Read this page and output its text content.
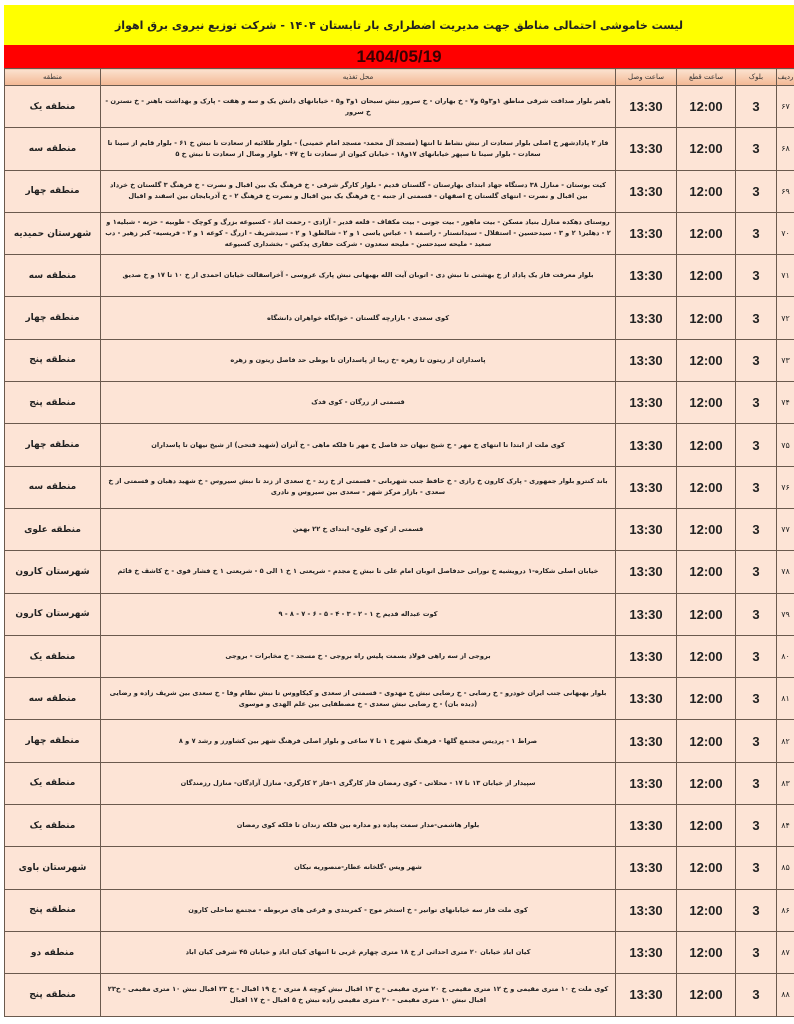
لیست خاموشی احتمالی مناطق جهت مدیریت اضطراری بار تابستان ۱۴۰۴ - شرکت توزیع نیروی برق اهواز
1404/05/19
ردیف	بلوک	ساعت قطع	ساعت وصل	محل تغذیه	منطقه
۶۷	3	12:00	13:30	باهنر بلوار صداقت شرقی مناطق ۱و۳و۵ و۷ - خ بهاران - خ سرور نبش سبحان ۱و۳ و۵ - خیابانهای دانش یک و سه و هفت - پارک و بهداشت باهنر - خ نسترن - خ سرور	منطقه یک
۶۸	3	12:00	13:30	فاز ۲ پادادشهر خ اصلی بلوار سعادت از نبش نشاط تا انتها (مسجد آل محمد- مسجد امام خمینی) - بلوار طلائیه از سعادت تا نبش خ ۶۱ - بلوار قایم از سینا تا سعادت - بلوار سینا تا سپهر خیابانهای ۱۷و۱۸ - خیابان کیوان از سعادت تا خ ۴۷ - بلوار وصال از سعادت تا نبش خ ۵	منطقه سه
۶۹	3	12:00	13:30	کیت بوستان - منازل ۳۸ دستگاه جهاد ابتدای بهارستان - گلستان قدیم - بلوار کارگر شرقی - خ فرهنگ یک بین اقبال و نصرت - خ فرهنگ ۳ گلستان خ خرداد بین اقبال و نصرت - انتهای گلستان خ اصفهان - قسمتی از جنبه - خ فرهنگ یک بین اقبال و نصرت خ فرهنگ ۲ - خ آذربایجان بین اسفند و اقبال	منطقه چهار
۷۰	3	12:00	13:30	روستای دهکده منازل بنیاد مسکن - بیت ماهور - بیت جونی - بیت مکفاف - قلعه قدیر - آزادی - رحمت اباد - کسیوعه بزرگ و کوچک - طوبیه - حزبه - شبلیه۱ و ۲ - دهلیز۱ ۲ و ۳ - سیدحسین - استقلال - سیدانستار - راسمه ۱ - عباس یاسی ۱ و ۲ - شالطق۱ و ۲ - سیدشریف - ازرگ - کوعه ۱ و ۲ - فریسیه- کبر زهیر - دب سعید - ملیحه سیدحسن - ملیحه سعدون - شرکت حفاری پدکس - بخشداری کسیوعه	شهرستان حمیدیه
۷۱	3	12:00	13:30	بلوار معرفت فاز یک پاداد از خ بهشتی تا نبش دی - اتوبان آیت الله بهبهانی نبش پارک عروسی - آخراسفالت خیابان احمدی از خ ۱۰ تا ۱۷ و خ صدیق	منطقه سه
۷۲	3	12:00	13:30	کوی سعدی - بازارچه گلستان - خوابگاه خواهران دانشگاه	منطقه چهار
۷۳	3	12:00	13:30	پاسداران از زیتون تا زهره -خ زیبا از پاسداران تا یوطی حد فاصل زیتون و زهره	منطقه پنج
۷۴	3	12:00	13:30	قسمتی از زرگان - کوی فدک	منطقه پنج
۷۵	3	12:00	13:30	کوی ملت از ابتدا تا انتهای خ مهر - خ شیخ نیهان حد فاصل خ مهر تا فلکه ماهی - خ آتزان (شهید فتحی) از شیخ نیهان تا پاسداران	منطقه چهار
۷۶	3	12:00	13:30	باند کنترو بلوار جمهوری - پارک کارون خ رازی - خ حافظ جنب شهربانی - قسمتی از خ زند - خ سعدی از زند تا نبش سیروس - خ شهید دهبان و قسمتی از خ سعدی - بازار مرکز شهر - سعدی بین سیروس و نادری	منطقه سه
۷۷	3	12:00	13:30	قسمتی از کوی علوی- ابتدای خ ۲۲ بهمن	منطقه علوی
۷۸	3	12:00	13:30	خیابان اصلی شکاره-۱ درویشیه خ نورانی حدفاصل اتوبان امام علی تا نبش خ مجدم - شریعتی ۱ خ ۱ الی ۵ - شریعتی ۱ خ فشار قوی - خ کاشف خ قائم	شهرستان کارون
۷۹	3	12:00	13:30	کوت عبداله قدیم خ ۱ - ۲ - ۳ - ۴ - ۵ - ۶ - ۷ - ۸ - ۹	شهرستان کارون
۸۰	3	12:00	13:30	بروجی از سه راهی فولاد بسمت پلیس راه بروجی - خ مسجد - خ مخابرات - بروجی	منطقه یک
۸۱	3	12:00	13:30	بلوار بهبهانی جنب ایران خودرو - خ رضایی - خ رضایی نبش خ مهدوی - قسمتی از سعدی و کیکاووس تا نبش نظام وفا - خ سعدی بین شریف زاده و رضایی (دیده بان) - خ رضایی نبش سعدی - خ مصطفایی بین علم الهدی و موسوی	منطقه سه
۸۲	3	12:00	13:30	صراط ۱ - پردیس مجتمع گلها - فرهنگ شهر خ ۱ تا ۷ ساعی و بلوار اصلی فرهنگ شهر بین کشاورز و رشد ۷ و ۸	منطقه چهار
۸۳	3	12:00	13:30	سپیدار از خیابان ۱۳ تا ۱۷ - محلاتی - کوی رمضان فاز کارگری ۱-فاز ۲ کارگری- منازل آزادگان- منازل رزمندگان	منطقه یک
۸۴	3	12:00	13:30	بلوار هاشمی-مدار سمت پیاده دو مداره بین فلکه زندان تا فلکه کوی رمضان	منطقه یک
۸۵	3	12:00	13:30	شهر ویس -گلخانه عطار-منصوریه نیکان	شهرستان باوی
۸۶	3	12:00	13:30	کوی ملت فاز سه خیابانهای توانیر - خ استخر موج - کمربندی و فرعی های مربوطه - مجتمع ساحلی کارون	منطقه پنج
۸۷	3	12:00	13:30	کیان اباد خیابان ۲۰ متری احداثی از خ ۱۸ متری چهارم غربی تا انتهای کیان اباد و خیابان ۴۵ شرقی کیان اباد	منطقه دو
۸۸	3	12:00	13:30	کوی ملت خ ۱۰ متری مقیمی و خ ۱۲ متری مقیمی خ ۲۰ متری مقیمی - خ ۱۳ اقبال نبش کوچه ۸ متری - خ ۱۹ اقبال - خ ۲۳ اقبال نبش ۱۰ متری مقیمی - خ۲۳ اقبال نبش ۱۰ متری مقیمی - ۲۰ متری مقیمی زاده نبش خ ۵ اقبال - خ ۱۷ اقبال	منطقه پنج
